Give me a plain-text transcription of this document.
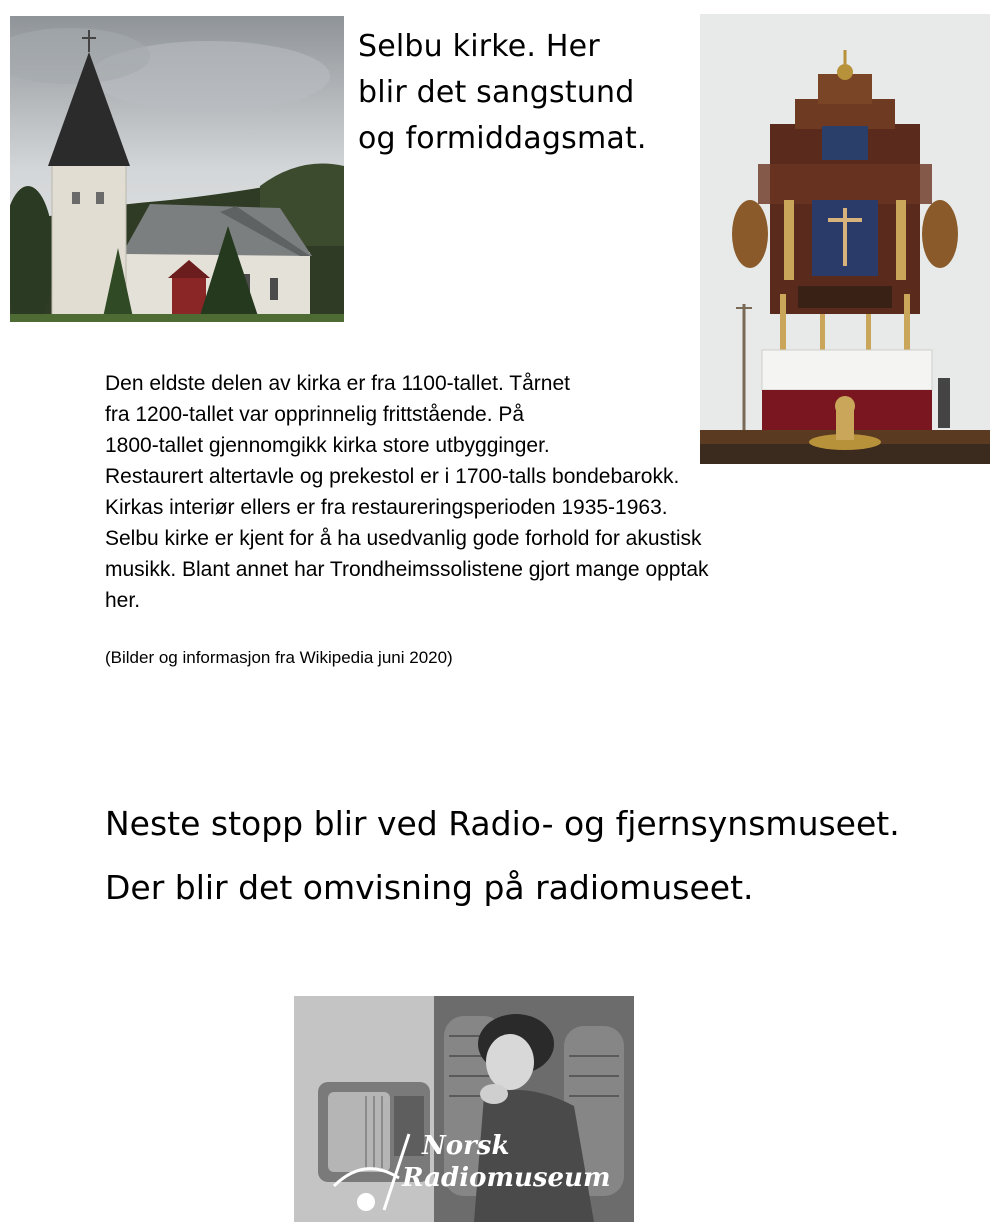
Selbu kirke. Her
blir det sangstund
og formiddagsmat.
Den eldste delen av kirka er fra 1100-tallet. Tårnet
fra 1200-tallet var opprinnelig frittstående. På
1800-tallet gjennomgikk kirka store utbygginger.
Restaurert altertavle og prekestol er i 1700-talls bondebarokk.
Kirkas interiør ellers er fra restaureringsperioden 1935-1963.
Selbu kirke er kjent for å ha usedvanlig gode forhold for akustisk
musikk. Blant annet har Trondheimssolistene gjort mange opptak
her.
(Bilder og informasjon fra Wikipedia juni 2020)
Neste stopp blir ved Radio- og fjernsynsmuseet.
Der blir det omvisning på radiomuseet.
Norsk
Radiomuseum
